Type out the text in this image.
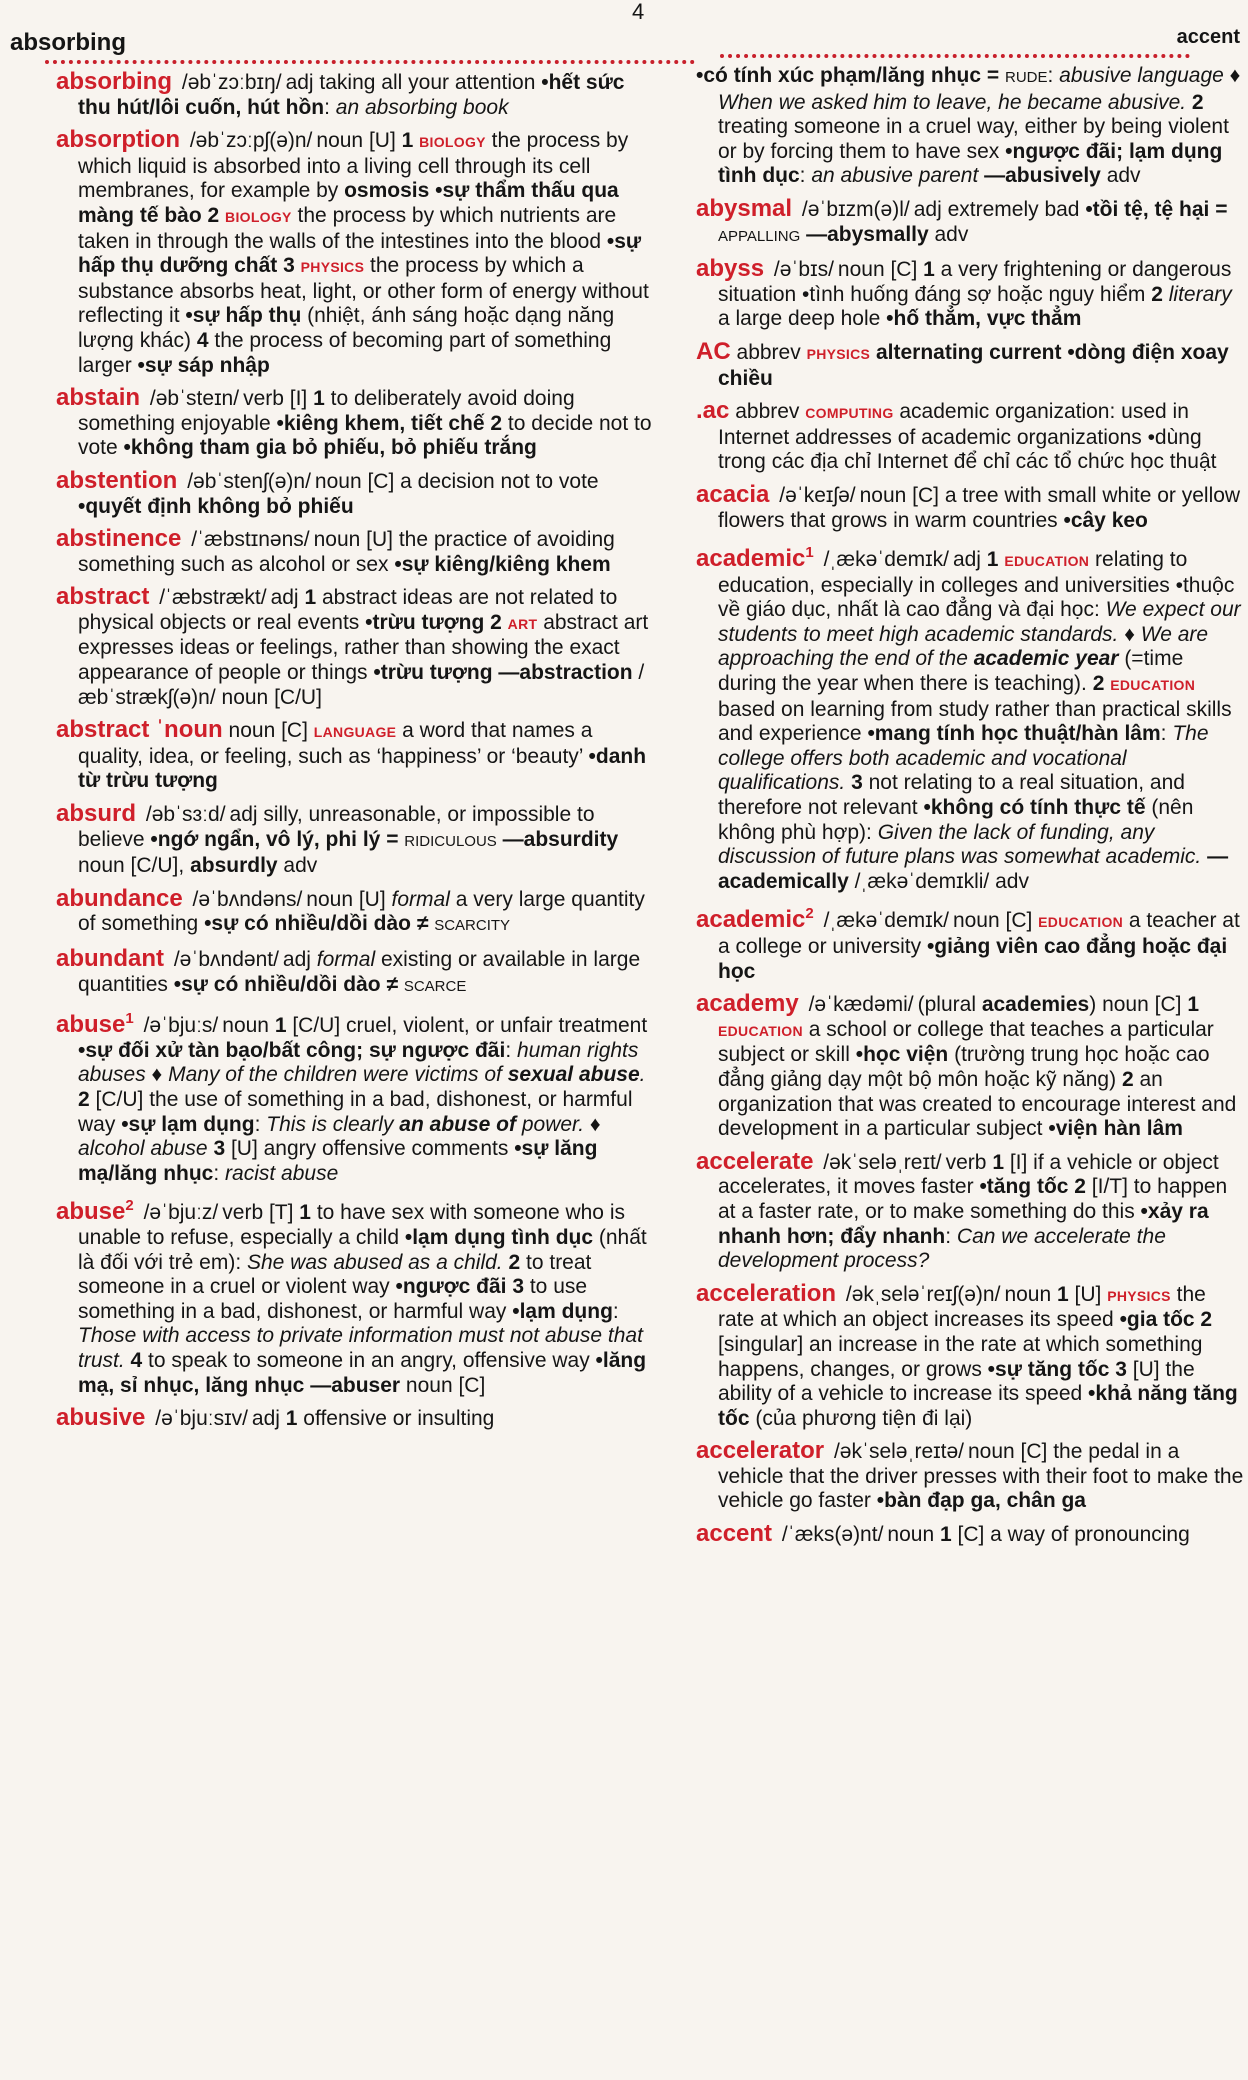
4
absorbing	accent
absorbing /əbˈzɔːbɪŋ/ adj taking all your attention •hết sức thu hút/lôi cuốn, hút hồn: an absorbing book
absorption /əbˈzɔːpʃ(ə)n/ noun [U] 1 BIOLOGY the process by which liquid is absorbed into a living cell through its cell membranes, for example by osmosis •sự thẩm thấu qua màng tế bào 2 BIOLOGY the process by which nutrients are taken in through the walls of the intestines into the blood •sự hấp thụ dưỡng chất 3 PHYSICS the process by which a substance absorbs heat, light, or other form of energy without reflecting it •sự hấp thụ (nhiệt, ánh sáng hoặc dạng năng lượng khác) 4 the process of becoming part of something larger •sự sáp nhập
abstain /əbˈsteɪn/ verb [I] 1 to deliberately avoid doing something enjoyable •kiêng khem, tiết chế 2 to decide not to vote •không tham gia bỏ phiếu, bỏ phiếu trắng
abstention /əbˈstenʃ(ə)n/ noun [C] a decision not to vote •quyết định không bỏ phiếu
abstinence /ˈæbstɪnəns/ noun [U] the practice of avoiding something such as alcohol or sex •sự kiêng/kiêng khem
abstract /ˈæbstrækt/ adj 1 abstract ideas are not related to physical objects or real events •trừu tượng 2 ART abstract art expresses ideas or feelings, rather than showing the exact appearance of people or things •trừu tượng —abstraction /æbˈstrækʃ(ə)n/ noun [C/U]
abstract ˈnoun noun [C] LANGUAGE a word that names a quality, idea, or feeling, such as ‘happiness’ or ‘beauty’ •danh từ trừu tượng
absurd /əbˈsɜːd/ adj silly, unreasonable, or impossible to believe •ngớ ngẩn, vô lý, phi lý = RIDICULOUS —absurdity noun [C/U], absurdly adv
abundance /əˈbʌndəns/ noun [U] formal a very large quantity of something •sự có nhiều/dồi dào ≠ SCARCITY
abundant /əˈbʌndənt/ adj formal existing or available in large quantities •sự có nhiều/dồi dào ≠ SCARCE
abuse$^1$ /əˈbjuːs/ noun 1 [C/U] cruel, violent, or unfair treatment •sự đối xử tàn bạo/bất công; sự ngược đãi: human rights abuses ♦ Many of the children were victims of sexual abuse. 2 [C/U] the use of something in a bad, dishonest, or harmful way •sự lạm dụng: This is clearly an abuse of power. ♦ alcohol abuse 3 [U] angry offensive comments •sự lăng mạ/lăng nhục: racist abuse
abuse$^2$ /əˈbjuːz/ verb [T] 1 to have sex with someone who is unable to refuse, especially a child •lạm dụng tình dục (nhất là đối với trẻ em): She was abused as a child. 2 to treat someone in a cruel or violent way •ngược đãi 3 to use something in a bad, dishonest, or harmful way •lạm dụng: Those with access to private information must not abuse that trust. 4 to speak to someone in an angry, offensive way •lăng mạ, sỉ nhục, lăng nhục —abuser noun [C]
abusive /əˈbjuːsɪv/ adj 1 offensive or insulting
•có tính xúc phạm/lăng nhục = RUDE: abusive language ♦ When we asked him to leave, he became abusive. 2 treating someone in a cruel way, either by being violent or by forcing them to have sex •ngược đãi; lạm dụng tình dục: an abusive parent —abusively adv
abysmal /əˈbɪzm(ə)l/ adj extremely bad •tồi tệ, tệ hại = APPALLING —abysmally adv
abyss /əˈbɪs/ noun [C] 1 a very frightening or dangerous situation •tình huống đáng sợ hoặc nguy hiểm 2 literary a large deep hole •hố thẳm, vực thẳm
AC abbrev PHYSICS alternating current •dòng điện xoay chiều
.ac abbrev COMPUTING academic organization: used in Internet addresses of academic organizations •dùng trong các địa chỉ Internet để chỉ các tổ chức học thuật
acacia /əˈkeɪʃə/ noun [C] a tree with small white or yellow flowers that grows in warm countries •cây keo
academic$^1$ /ˌækəˈdemɪk/ adj 1 EDUCATION relating to education, especially in colleges and universities •thuộc về giáo dục, nhất là cao đẳng và đại học: We expect our students to meet high academic standards. ♦ We are approaching the end of the academic year (=time during the year when there is teaching). 2 EDUCATION based on learning from study rather than practical skills and experience •mang tính học thuật/hàn lâm: The college offers both academic and vocational qualifications. 3 not relating to a real situation, and therefore not relevant •không có tính thực tế (nên không phù hợp): Given the lack of funding, any discussion of future plans was somewhat academic. —academically /ˌækəˈdemɪkli/ adv
academic$^2$ /ˌækəˈdemɪk/ noun [C] EDUCATION a teacher at a college or university •giảng viên cao đẳng hoặc đại học
academy /əˈkædəmi/ (plural academies) noun [C] 1 EDUCATION a school or college that teaches a particular subject or skill •học viện (trường trung học hoặc cao đẳng giảng dạy một bộ môn hoặc kỹ năng) 2 an organization that was created to encourage interest and development in a particular subject •viện hàn lâm
accelerate /əkˈseləˌreɪt/ verb 1 [I] if a vehicle or object accelerates, it moves faster •tăng tốc 2 [I/T] to happen at a faster rate, or to make something do this •xảy ra nhanh hơn; đẩy nhanh: Can we accelerate the development process?
acceleration /əkˌseləˈreɪʃ(ə)n/ noun 1 [U] PHYSICS the rate at which an object increases its speed •gia tốc 2 [singular] an increase in the rate at which something happens, changes, or grows •sự tăng tốc 3 [U] the ability of a vehicle to increase its speed •khả năng tăng tốc (của phương tiện đi lại)
accelerator /əkˈseləˌreɪtə/ noun [C] the pedal in a vehicle that the driver presses with their foot to make the vehicle go faster •bàn đạp ga, chân ga
accent /ˈæks(ə)nt/ noun 1 [C] a way of pronouncing
